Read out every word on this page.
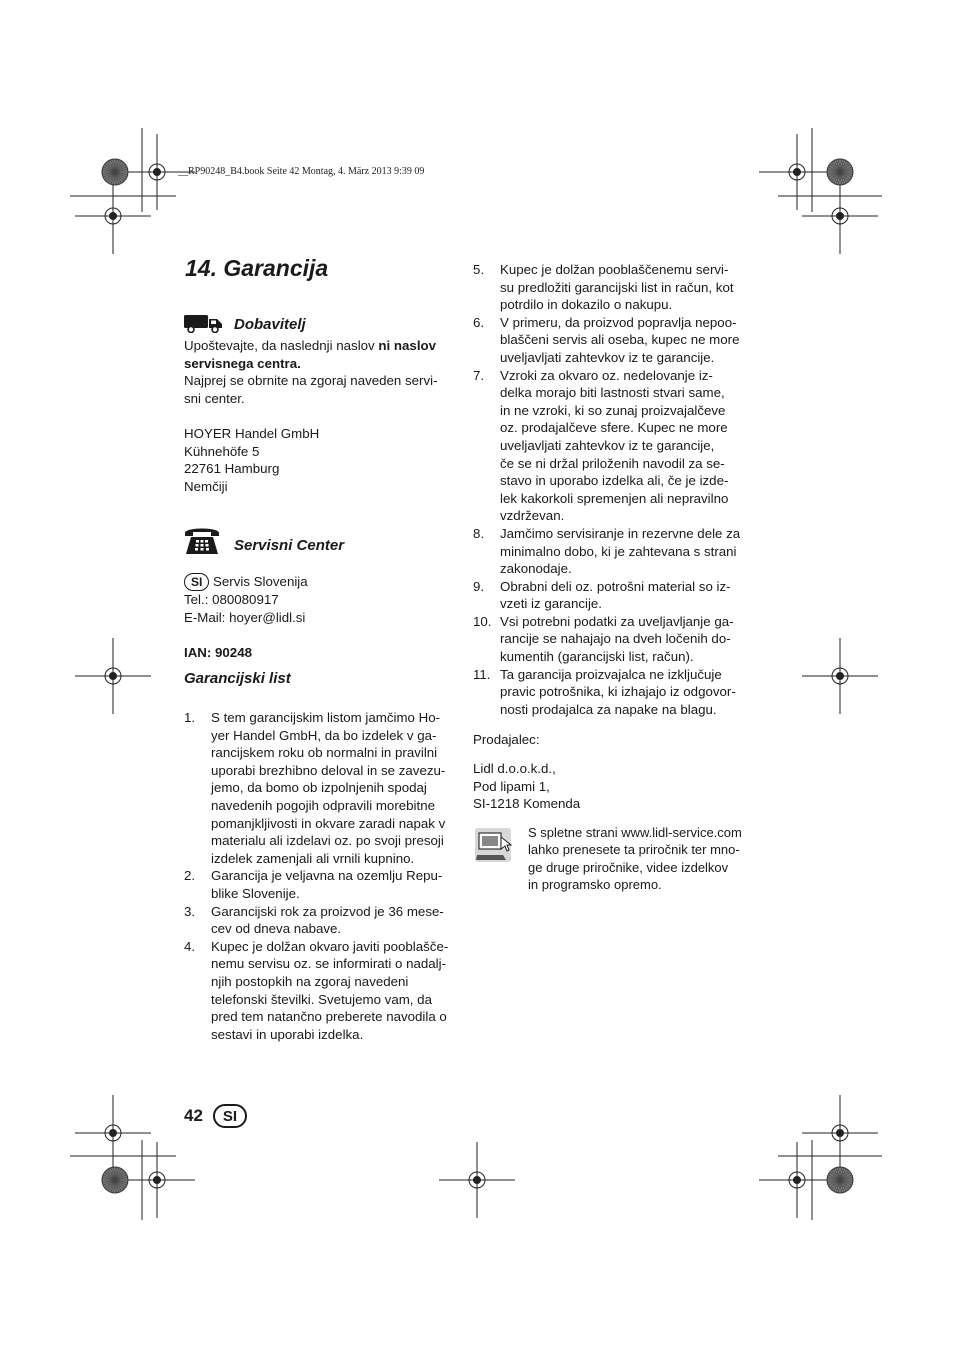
__RP90248_B4.book Seite 42 Montag, 4. März 2013 9:39 09
14. Garancija
Dobavitelj
Upoštevajte, da naslednji naslov ni naslov
servisnega centra.
Najprej se obrnite na zgoraj naveden servi-
sni center.
HOYER Handel GmbH
Kühnehöfe 5
22761 Hamburg
Nemčiji
Servisni Center
SI Servis Slovenija
Tel.: 080080917
E-Mail: hoyer@lidl.si
IAN: 90248
Garancijski list
1. S tem garancijskim listom jamčimo Ho-
yer Handel GmbH, da bo izdelek v ga-
rancijskem roku ob normalni in pravilni
uporabi brezhibno deloval in se zavezu-
jemo, da bomo ob izpolnjenih spodaj
navedenih pogojih odpravili morebitne
pomanjkljivosti in okvare zaradi napak v
materialu ali izdelavi oz. po svoji presoji
izdelek zamenjali ali vrnili kupnino.
2. Garancija je veljavna na ozemlju Repu-
blike Slovenije.
3. Garancijski rok za proizvod je 36 mese-
cev od dneva nabave.
4. Kupec je dolžan okvaro javiti pooblašče-
nemu servisu oz. se informirati o nadalj-
njih postopkih na zgoraj navedeni
telefonski številki. Svetujemo vam, da
pred tem natančno preberete navodila o
sestavi in uporabi izdelka.
5. Kupec je dolžan pooblaščenemu servi-
su predložiti garancijski list in račun, kot
potrdilo in dokazilo o nakupu.
6. V primeru, da proizvod popravlja nepoo-
blaščeni servis ali oseba, kupec ne more
uveljavljati zahtevkov iz te garancije.
7. Vzroki za okvaro oz. nedelovanje iz-
delka morajo biti lastnosti stvari same,
in ne vzroki, ki so zunaj proizvajalčeve
oz. prodajalčeve sfere. Kupec ne more
uveljavljati zahtevkov iz te garancije,
če se ni držal priloženih navodil za se-
stavo in uporabo izdelka ali, če je izde-
lek kakorkoli spremenjen ali nepravilno
vzdrževan.
8. Jamčimo servisiranje in rezervne dele za
minimalno dobo, ki je zahtevana s strani
zakonodaje.
9. Obrabni deli oz. potrošni material so iz-
vzeti iz garancije.
10. Vsi potrebni podatki za uveljavljanje ga-
rancije se nahajajo na dveh ločenih do-
kumentih (garancijski list, račun).
11. Ta garancija proizvajalca ne izključuje
pravic potrošnika, ki izhajajo iz odgovor-
nosti prodajalca za napake na blagu.
Prodajalec:
Lidl d.o.o.k.d.,
Pod lipami 1,
SI-1218 Komenda
S spletne strani www.lidl-service.com
lahko prenesete ta priročnik ter mno-
ge druge priročnike, videe izdelkov
in programsko opremo.
42	SI
